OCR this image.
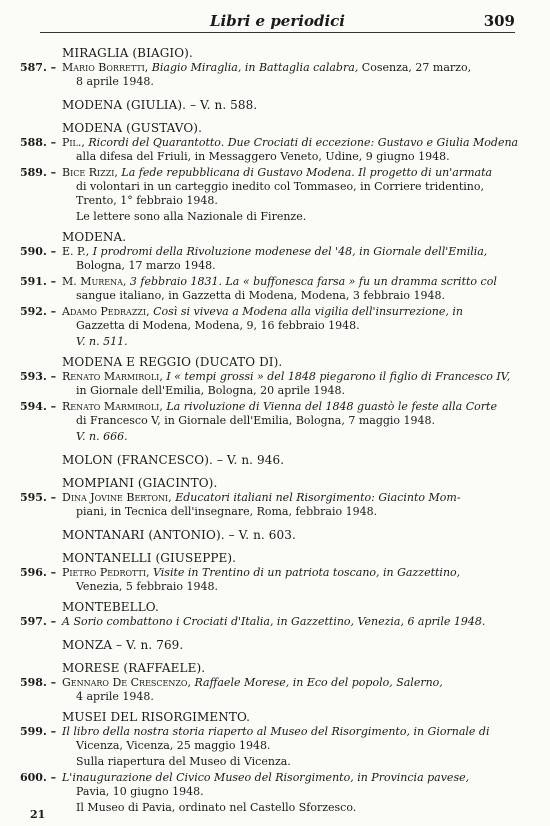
Libri e periodici	309
MIRAGLIA (BIAGIO).
587. – Mario Borretti, Biagio Miraglia, in Battaglia calabra, Cosenza, 27 marzo,
8 aprile 1948.
MODENA (GIULIA). – V. n. 588.
MODENA (GUSTAVO).
588. – Pil., Ricordi del Quarantotto. Due Crociati di eccezione: Gustavo e Giulia Modena
alla difesa del Friuli, in Messaggero Veneto, Udine, 9 giugno 1948.
589. – Bice Rizzi, La fede repubblicana di Gustavo Modena. Il progetto di un'armata
di volontari in un carteggio inedito col Tommaseo, in Corriere tridentino,
Trento, 1° febbraio 1948.
Le lettere sono alla Nazionale di Firenze.
MODENA.
590. – E. P., I prodromi della Rivoluzione modenese del '48, in Giornale dell'Emilia,
Bologna, 17 marzo 1948.
591. – M. Murena, 3 febbraio 1831. La « buffonesca farsa » fu un dramma scritto col
sangue italiano, in Gazzetta di Modena, Modena, 3 febbraio 1948.
592. – Adamo Pedrazzi, Così si viveva a Modena alla vigilia dell'insurrezione, in
Gazzetta di Modena, Modena, 9, 16 febbraio 1948.
V. n. 511.
MODENA E REGGIO (DUCATO DI).
593. – Renato Marmiroli, I « tempi grossi » del 1848 piegarono il figlio di Francesco IV,
in Giornale dell'Emilia, Bologna, 20 aprile 1948.
594. – Renato Marmiroli, La rivoluzione di Vienna del 1848 guastò le feste alla Corte
di Francesco V, in Giornale dell'Emilia, Bologna, 7 maggio 1948.
V. n. 666.
MOLON (FRANCESCO). – V. n. 946.
MOMPIANI (GIACINTO).
595. – Dina Jovine Bertoni, Educatori italiani nel Risorgimento: Giacinto Mom-
piani, in Tecnica dell'insegnare, Roma, febbraio 1948.
MONTANARI (ANTONIO). – V. n. 603.
MONTANELLI (GIUSEPPE).
596. – Pietro Pedrotti, Visite in Trentino di un patriota toscano, in Gazzettino,
Venezia, 5 febbraio 1948.
MONTEBELLO.
597. – A Sorio combattono i Crociati d'Italia, in Gazzettino, Venezia, 6 aprile 1948.
MONZA – V. n. 769.
MORESE (RAFFAELE).
598. – Gennaro De Crescenzo, Raffaele Morese, in Eco del popolo, Salerno,
4 aprile 1948.
MUSEI DEL RISORGIMENTO.
599. – Il libro della nostra storia riaperto al Museo del Risorgimento, in Giornale di
Vicenza, Vicenza, 25 maggio 1948.
Sulla riapertura del Museo di Vicenza.
600. – L'inaugurazione del Civico Museo del Risorgimento, in Provincia pavese,
Pavia, 10 giugno 1948.
Il Museo di Pavia, ordinato nel Castello Sforzesco.
21
